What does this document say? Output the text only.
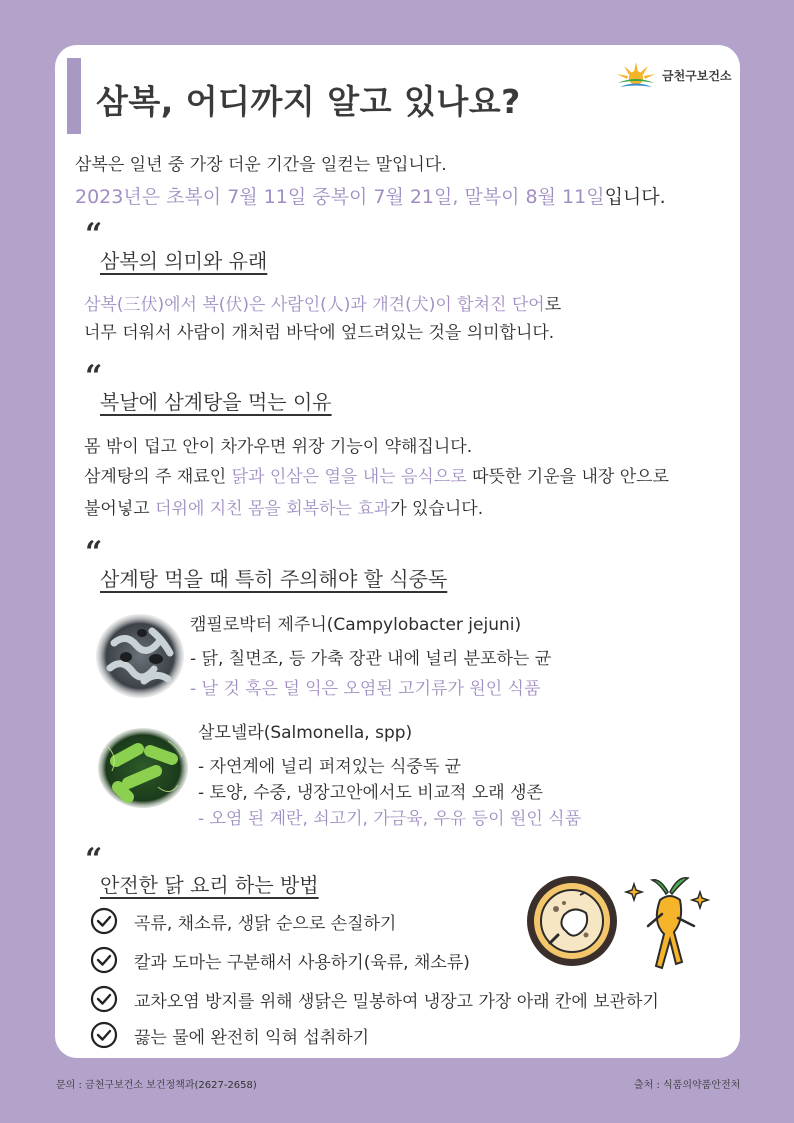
삼복, 어디까지 알고 있나요?
금천구보건소
삼복은 일년 중 가장 더운 기간을 일컫는 말입니다.
2023년은 초복이 7월 11일 중복이 7월 21일, 말복이 8월 11일입니다.
“
삼복의 의미와 유래
삼복(三伏)에서 복(伏)은 사람인(人)과 개견(犬)이 합쳐진 단어로
너무 더워서 사람이 개처럼 바닥에 엎드려있는 것을 의미합니다.
“
복날에 삼계탕을 먹는 이유
몸 밖이 덥고 안이 차가우면 위장 기능이 약해집니다.
삼계탕의 주 재료인 닭과 인삼은 열을 내는 음식으로 따뜻한 기운을 내장 안으로
불어넣고 더위에 지친 몸을 회복하는 효과가 있습니다.
“
삼계탕 먹을 때 특히 주의해야 할 식중독
캠필로박터 제주니(Campylobacter jejuni)
- 닭, 칠면조, 등 가축 장관 내에 널리 분포하는 균
- 날 것 혹은 덜 익은 오염된 고기류가 원인 식품
살모넬라(Salmonella, spp)
- 자연계에 널리 퍼져있는 식중독 균
- 토양, 수중, 냉장고안에서도 비교적 오래 생존
- 오염 된 계란, 쇠고기, 가금육, 우유 등이 원인 식품
“
안전한 닭 요리 하는 방법
곡류, 채소류, 생닭 순으로 손질하기
칼과 도마는 구분해서 사용하기(육류, 채소류)
교차오염 방지를 위해 생닭은 밀봉하여 냉장고 가장 아래 칸에 보관하기
끓는 물에 완전히 익혀 섭취하기
문의 : 금천구보건소 보건정책과(2627-2658)	출처 : 식품의약품안전처
